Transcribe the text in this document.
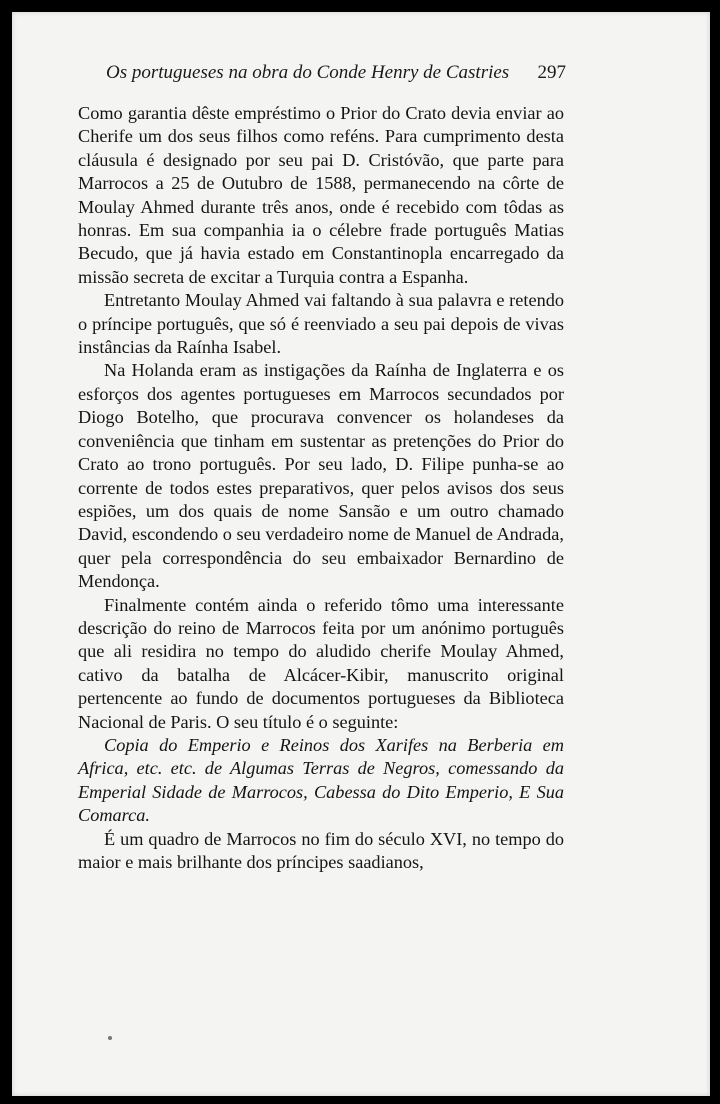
Os portugueses na obra do Conde Henry de Castries 297

Como garantia dêste empréstimo o Prior do Crato devia enviar ao Cherife um dos seus filhos como reféns. Para cumprimento desta cláusula é designado por seu pai D. Cristóvão, que parte para Marrocos a 25 de Outubro de 1588, permanecendo na côrte de Moulay Ahmed durante três anos, onde é recebido com tôdas as honras. Em sua companhia ia o célebre frade português Matias Becudo, que já havia estado em Constantinopla encarregado da missão secreta de excitar a Turquia contra a Espanha.

Entretanto Moulay Ahmed vai faltando à sua palavra e retendo o príncipe português, que só é reenviado a seu pai depois de vivas instâncias da Raínha Isabel.

Na Holanda eram as instigações da Raínha de Inglaterra e os esforços dos agentes portugueses em Marrocos secundados por Diogo Botelho, que procurava convencer os holandeses da conveniência que tinham em sustentar as pretenções do Prior do Crato ao trono português. Por seu lado, D. Filipe punha-se ao corrente de todos estes preparativos, quer pelos avisos dos seus espiões, um dos quais de nome Sansão e um outro chamado David, escondendo o seu verdadeiro nome de Manuel de Andrada, quer pela correspondência do seu embaixador Bernardino de Mendonça.

Finalmente contém ainda o referido tômo uma interessante descrição do reino de Marrocos feita por um anónimo português que ali residira no tempo do aludido cherife Moulay Ahmed, cativo da batalha de Alcácer-Kibir, manuscrito original pertencente ao fundo de documentos portugueses da Biblioteca Nacional de Paris. O seu título é o seguinte:

Copia do Emperio e Reinos dos Xarifes na Berberia em Africa, etc. etc. de Algumas Terras de Negros, comessando da Emperial Sidade de Marrocos, Cabessa do Dito Emperio, E Sua Comarca.

É um quadro de Marrocos no fim do século XVI, no tempo do maior e mais brilhante dos príncipes saadianos,
